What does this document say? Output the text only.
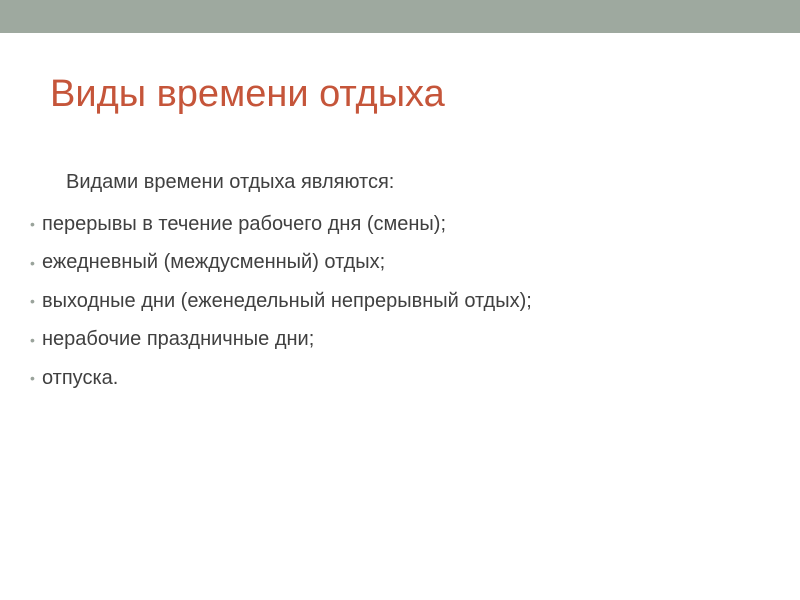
Виды времени отдыха

Видами времени отдыха являются:

• перерывы в течение рабочего дня (смены);
• ежедневный (междусменный) отдых;
• выходные дни (еженедельный непрерывный отдых);
• нерабочие праздничные дни;
• отпуска.
